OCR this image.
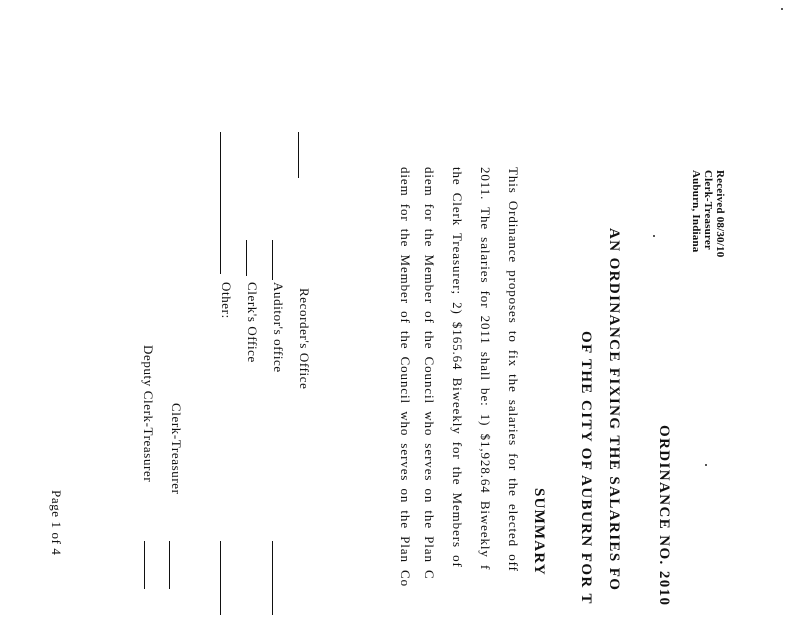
Received 08/30/10
Clerk-Treasurer
Auburn, Indiana
ORDINANCE NO. 2010
AN ORDINANCE FIXING THE SALARIES FO
OF THE CITY OF AUBURN FOR T
SUMMARY
This Ordinance proposes to fix the salaries for the elected off
2011. The salaries for 2011 shall be: 1) $1,928.64 Biweekly f
the Clerk Treasurer; 2) $165.64 Biweekly for the Members of
diem for the Member of the Council who serves on the Plan C
diem for the Member of the Council who serves on the Plan Co
Recorder's Office
Auditor's office
Clerk's Office
Other:
Clerk-Treasurer
Deputy Clerk-Treasurer
Page 1 of 4
